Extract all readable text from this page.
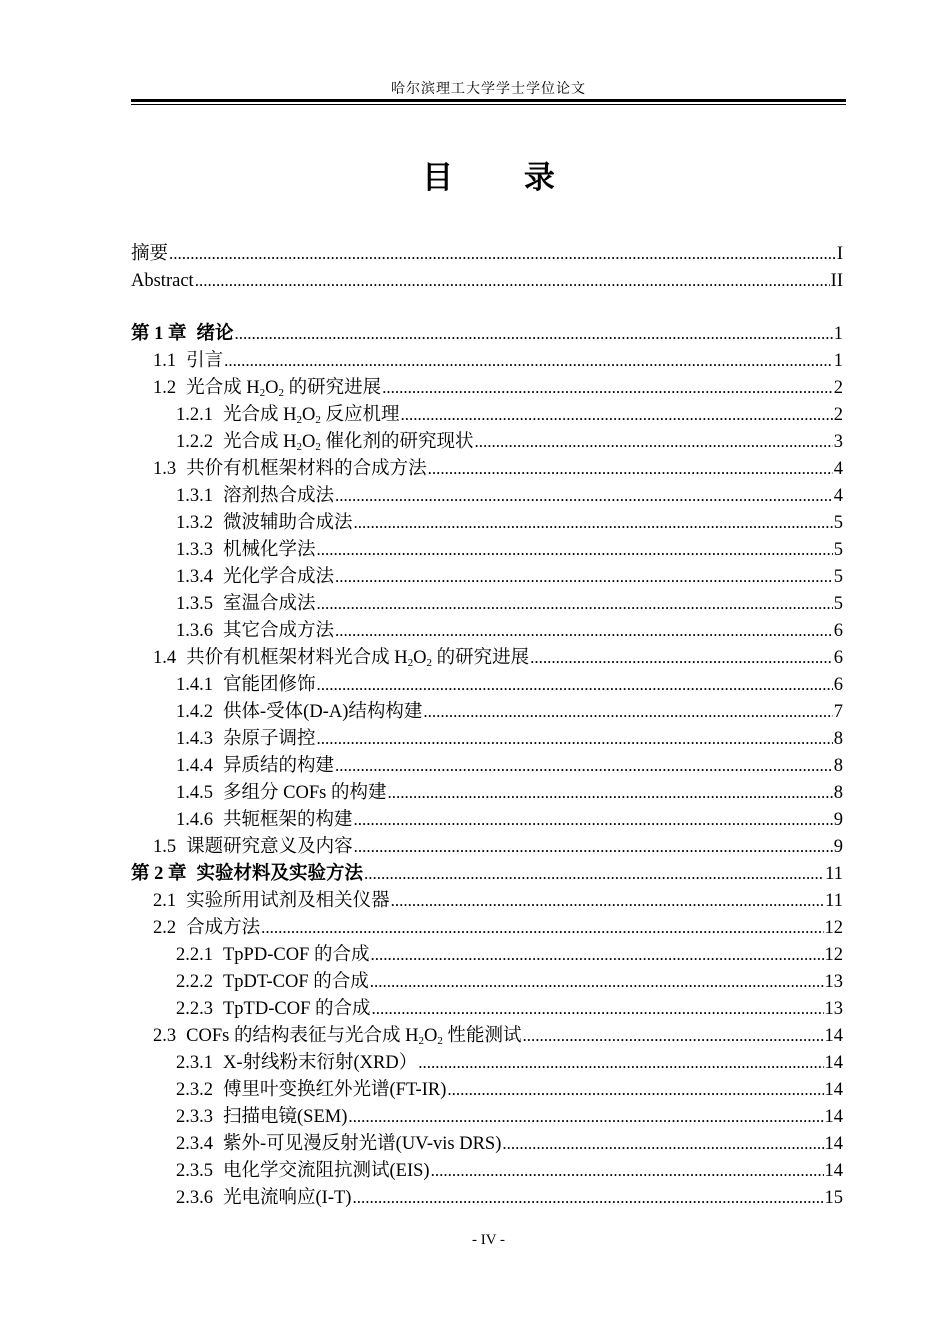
哈尔滨理工大学学士学位论文
目 录
摘要 .....	I
Abstract .....	II
第 1 章 绪论 .....	1
1.1 引言 .....	1
1.2 光合成 $H_2O_2$ 的研究进展 .....	2
1.2.1 光合成 $H_2O_2$ 反应机理 .....	2
1.2.2 光合成 $H_2O_2$ 催化剂的研究现状 .....	3
1.3 共价有机框架材料的合成方法 .....	4
1.3.1 溶剂热合成法 .....	4
1.3.2 微波辅助合成法 .....	5
1.3.3 机械化学法 .....	5
1.3.4 光化学合成法 .....	5
1.3.5 室温合成法 .....	5
1.3.6 其它合成方法 .....	6
1.4 共价有机框架材料光合成 $H_2O_2$ 的研究进展 .....	6
1.4.1 官能团修饰 .....	6
1.4.2 供体-受体(D-A)结构构建 .....	7
1.4.3 杂原子调控 .....	8
1.4.4 异质结的构建 .....	8
1.4.5 多组分 COFs 的构建 .....	8
1.4.6 共轭框架的构建 .....	9
1.5 课题研究意义及内容 .....	9
第 2 章 实验材料及实验方法 .....	11
2.1 实验所用试剂及相关仪器 .....	11
2.2 合成方法 .....	12
2.2.1 TpPD-COF 的合成 .....	12
2.2.2 TpDT-COF 的合成 .....	13
2.2.3 TpTD-COF 的合成 .....	13
2.3 COFs 的结构表征与光合成 $H_2O_2$ 性能测试 .....	14
2.3.1 X-射线粉末衍射(XRD） .....	14
2.3.2 傅里叶变换红外光谱(FT-IR) .....	14
2.3.3 扫描电镜(SEM) .....	14
2.3.4 紫外-可见漫反射光谱(UV-vis DRS) .....	14
2.3.5 电化学交流阻抗测试(EIS) .....	14
2.3.6 光电流响应(I-T) .....	15
- IV -
